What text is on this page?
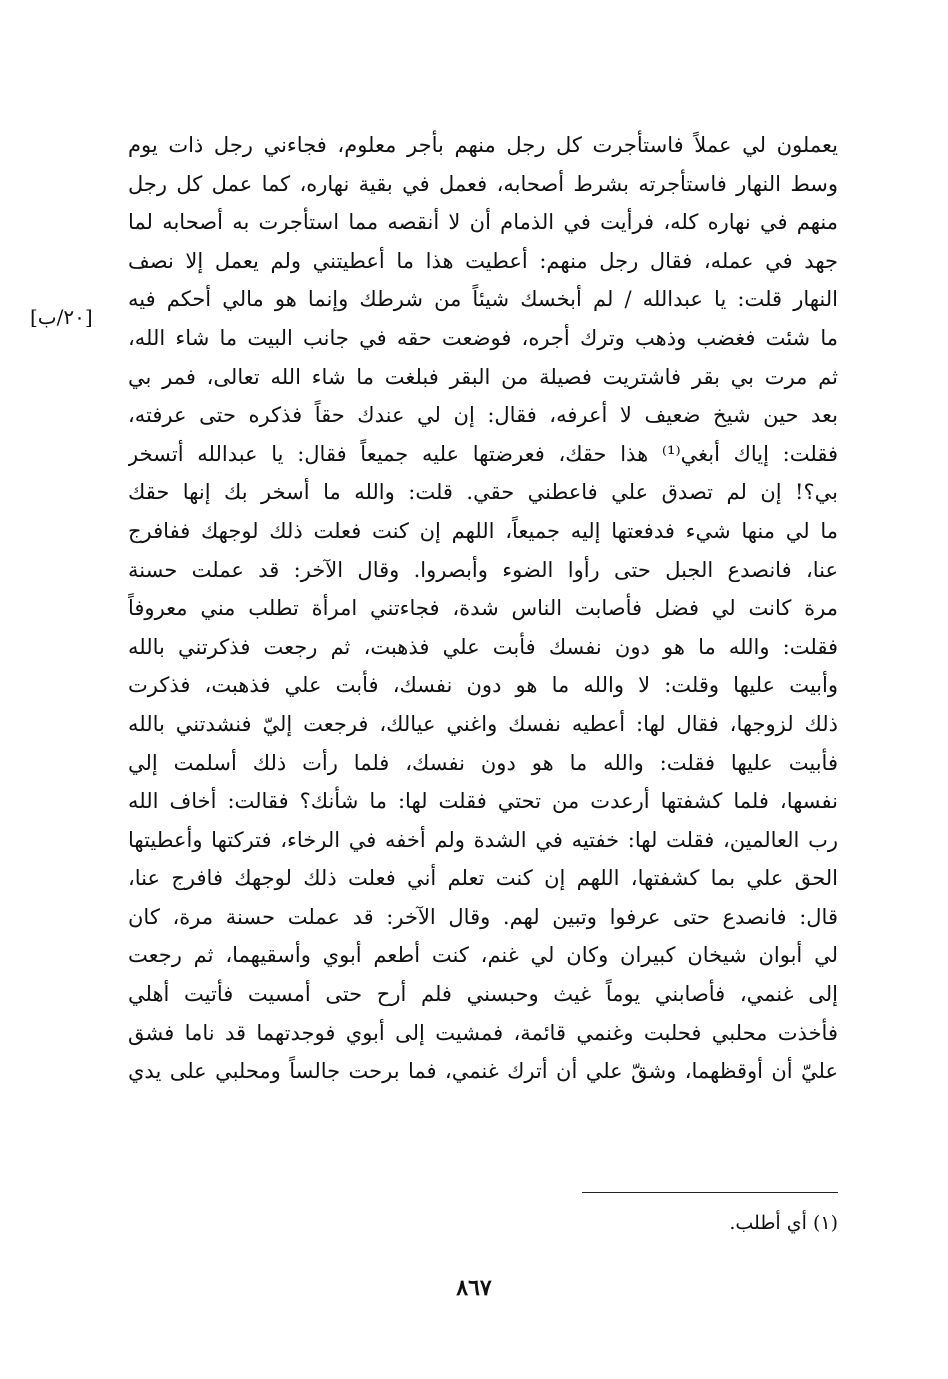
يعملون لي عملاً فاستأجرت كل رجل منهم بأجر معلوم، فجاءني رجل ذات يوم
وسط النهار فاستأجرته بشرط أصحابه، فعمل في بقية نهاره، كما عمل كل رجل
منهم في نهاره كله، فرأيت في الذمام أن لا أنقصه مما استأجرت به أصحابه لما
جهد في عمله، فقال رجل منهم: أعطيت هذا ما أعطيتني ولم يعمل إلا نصف
النهار قلت: يا عبدالله / لم أبخسك شيئاً من شرطك وإنما هو مالي أحكم فيه
ما شئت فغضب وذهب وترك أجره، فوضعت حقه في جانب البيت ما شاء الله،
ثم مرت بي بقر فاشتريت فصيلة من البقر فبلغت ما شاء الله تعالى، فمر بي
بعد حين شيخ ضعيف لا أعرفه، فقال: إن لي عندك حقاً فذكره حتى عرفته،
فقلت: إياك أبغي⁽¹⁾ هذا حقك، فعرضتها عليه جميعاً فقال: يا عبدالله أتسخر
بي؟! إن لم تصدق علي فاعطني حقي. قلت: والله ما أسخر بك إنها حقك
ما لي منها شيء فدفعتها إليه جميعاً، اللهم إن كنت فعلت ذلك لوجهك ففافرج
عنا، فانصدع الجبل حتى رأوا الضوء وأبصروا. وقال الآخر: قد عملت حسنة
مرة كانت لي فضل فأصابت الناس شدة، فجاءتني امرأة تطلب مني معروفاً
فقلت: والله ما هو دون نفسك فأبت علي فذهبت، ثم رجعت فذكرتني بالله
وأبيت عليها وقلت: لا والله ما هو دون نفسك، فأبت علي فذهبت، فذكرت
ذلك لزوجها، فقال لها: أعطيه نفسك واغني عيالك، فرجعت إليّ فنشدتني بالله
فأبيت عليها فقلت: والله ما هو دون نفسك، فلما رأت ذلك أسلمت إلي
نفسها، فلما كشفتها أرعدت من تحتي فقلت لها: ما شأنك؟ فقالت: أخاف الله
رب العالمين، فقلت لها: خفتيه في الشدة ولم أخفه في الرخاء، فتركتها وأعطيتها
الحق علي بما كشفتها، اللهم إن كنت تعلم أني فعلت ذلك لوجهك فافرج عنا،
قال: فانصدع حتى عرفوا وتبين لهم. وقال الآخر: قد عملت حسنة مرة، كان
لي أبوان شيخان كبيران وكان لي غنم، كنت أطعم أبوي وأسقيهما، ثم رجعت
إلى غنمي، فأصابني يوماً غيث وحبسني فلم أرح حتى أمسيت فأتيت أهلي
فأخذت محلبي فحلبت وغنمي قائمة، فمشيت إلى أبوي فوجدتهما قد ناما فشق
عليّ أن أوقظهما، وشقّ علي أن أترك غنمي، فما برحت جالساً ومحلبي على يدي
[٢٠/ب]
(١) أي أطلب.
٨٦٧
